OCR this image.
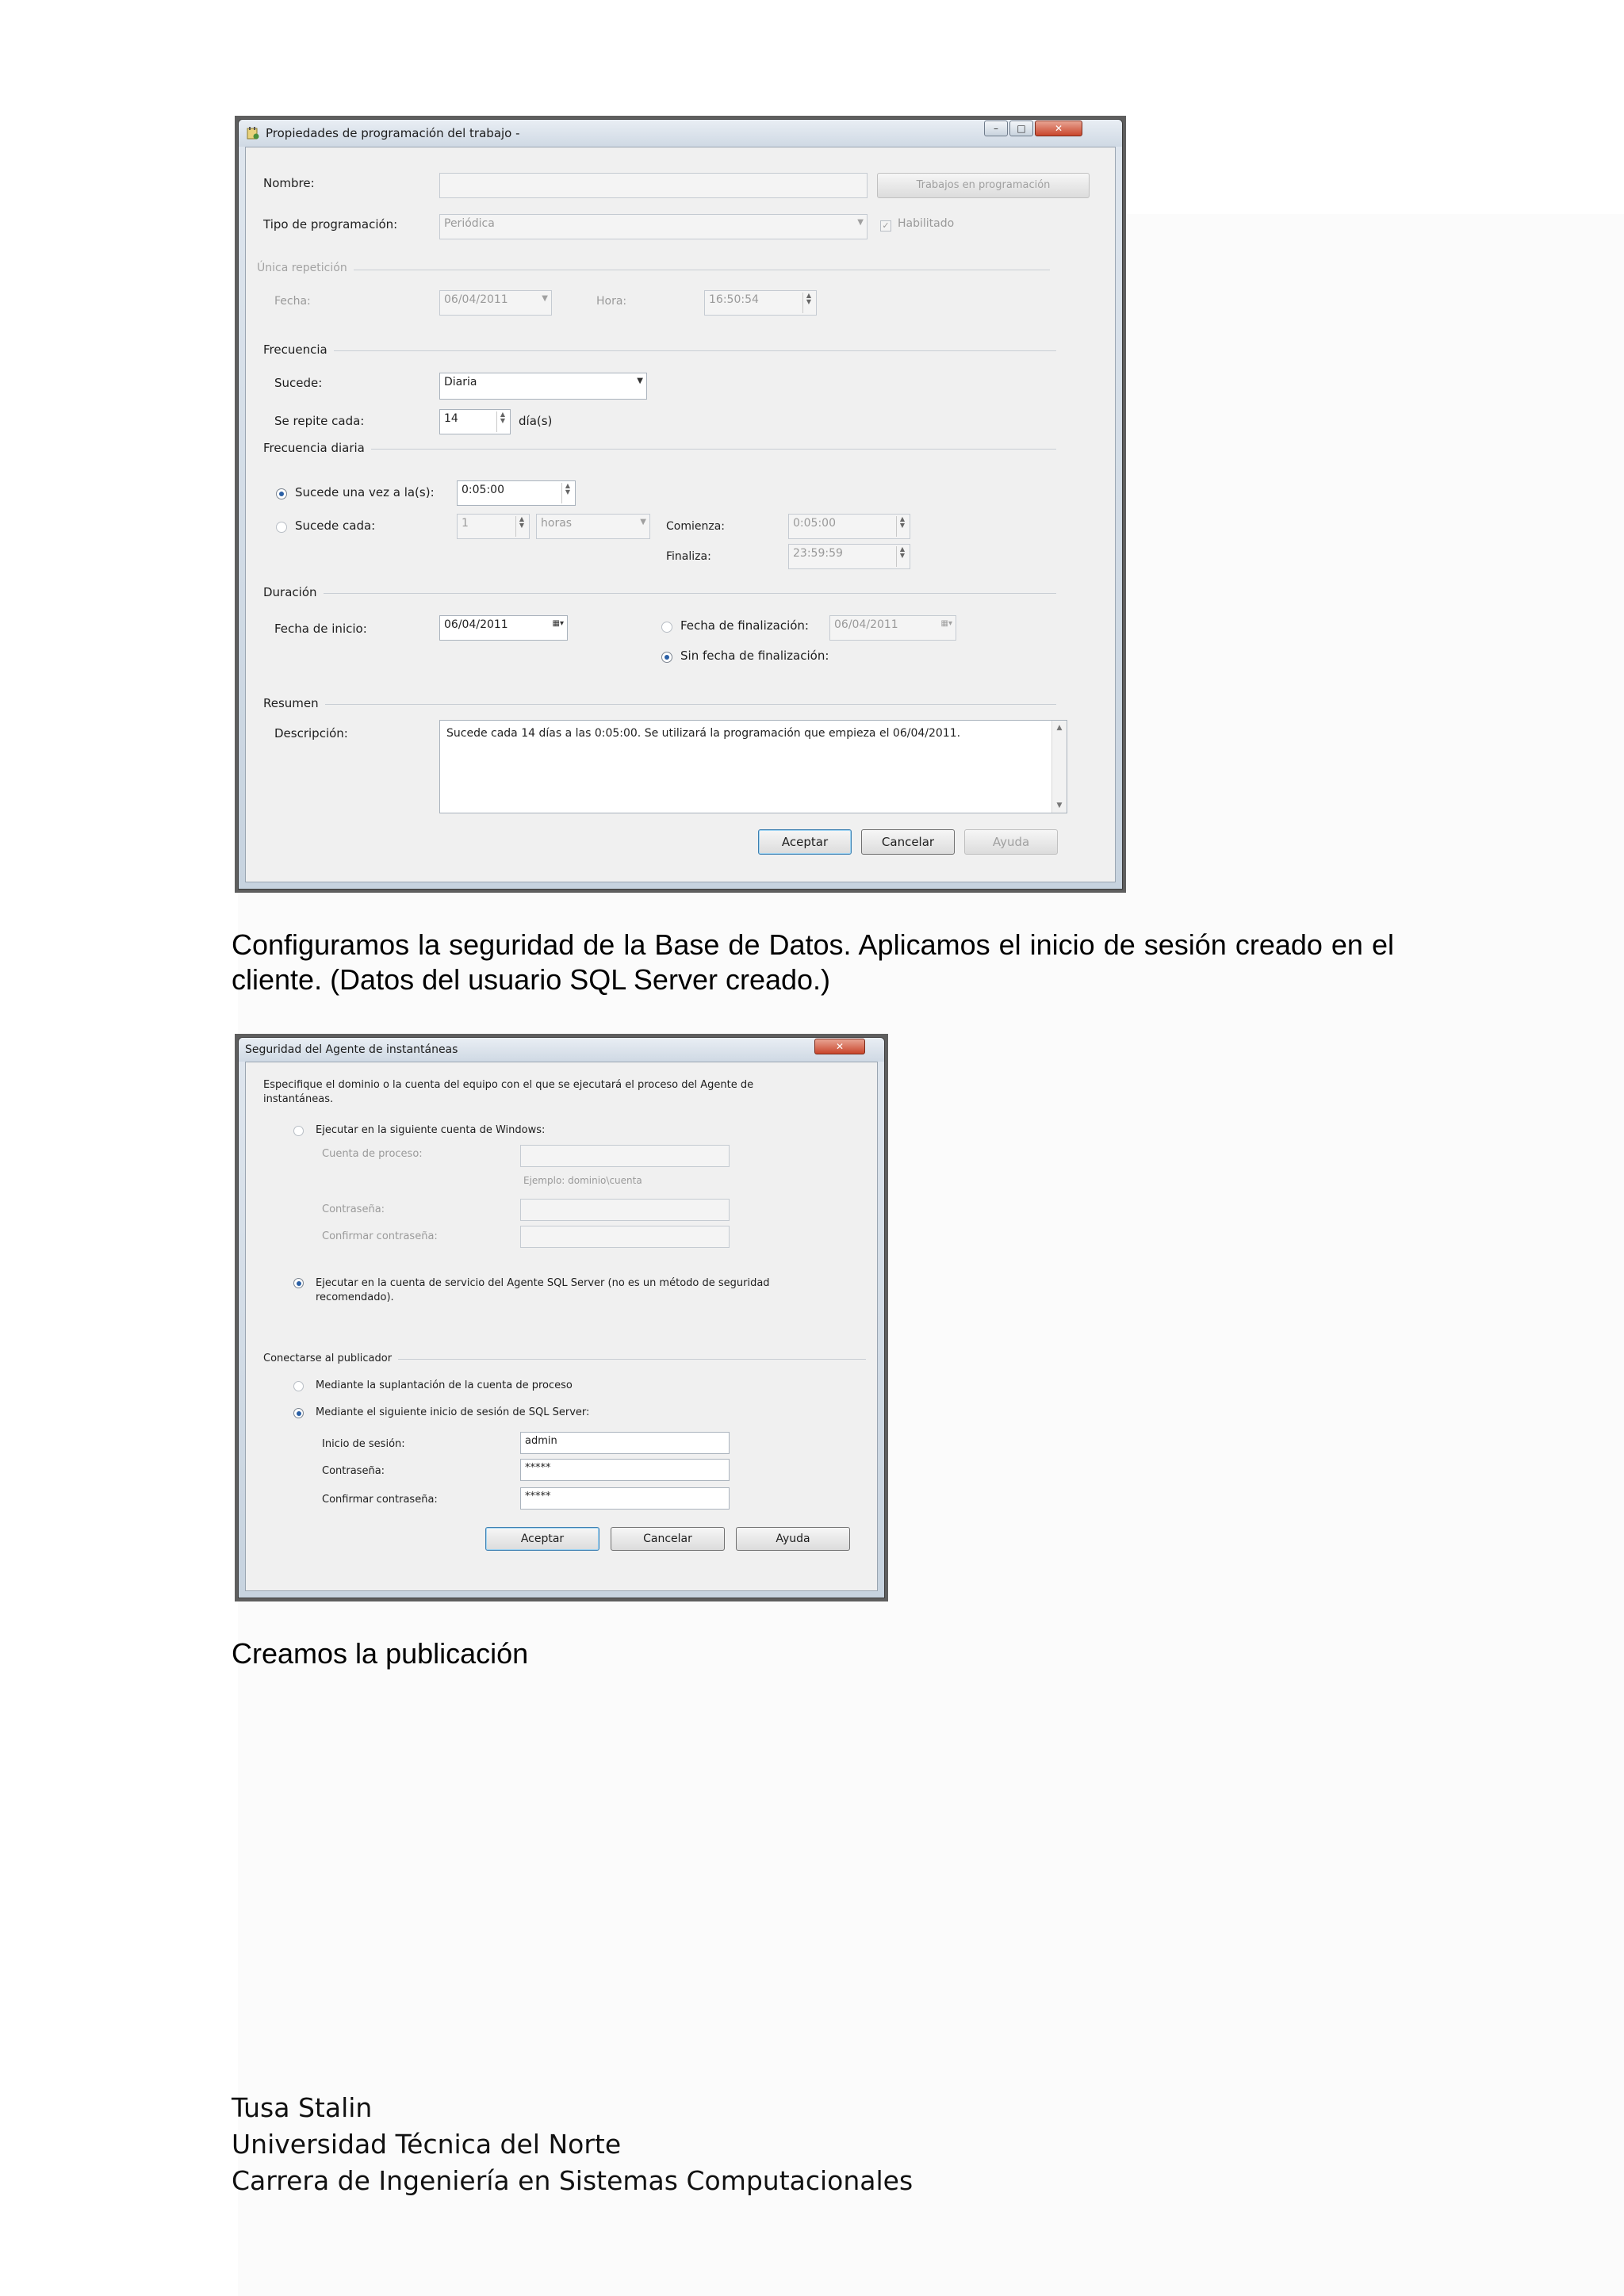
Propiedades de programación del trabajo -	–	□	✕
Nombre:	Trabajos en programación
Tipo de programación:	Periódica	▼ ✓ Habilitado
Única repetición
Fecha:	06/04/2011	▼	Hora:	16:50:54	▲
▼
Frecuencia
Sucede:	Diaria	▼
Se repite cada:	14	▲
▼ día(s)
Frecuencia diaria
Sucede una vez a la(s):	0:05:00	▲
▼
Sucede cada:	1	▲
▼	horas	▼ Comienza:	0:05:00	▲
▼
Finaliza:	23:59:59	▲
▼
Duración
Fecha de inicio:	06/04/2011	▦▾	Fecha de finalización:	06/04/2011	▦▾
Sin fecha de finalización:
Resumen
Descripción:	Sucede cada 14 días a las 0:05:00. Se utilizará la programación que empieza el 06/04/2011.	▲
▼
Aceptar	Cancelar	Ayuda
Configuramos la seguridad de la Base de Datos. Aplicamos el inicio de sesión creado en el cliente. (Datos del usuario SQL Server creado.)
Seguridad del Agente de instantáneas	✕
Especifique el dominio o la cuenta del equipo con el que se ejecutará el proceso del Agente de instantáneas.
Ejecutar en la siguiente cuenta de Windows:
Cuenta de proceso:
Ejemplo: dominio\cuenta
Contraseña:
Confirmar contraseña:
Ejecutar en la cuenta de servicio del Agente SQL Server (no es un método de seguridad recomendado).
Conectarse al publicador
Mediante la suplantación de la cuenta de proceso
Mediante el siguiente inicio de sesión de SQL Server:
Inicio de sesión:	admin
Contraseña:	*****
Confirmar contraseña:	*****
Aceptar	Cancelar	Ayuda
Creamos la publicación
Tusa Stalin
Universidad Técnica del Norte
Carrera de Ingeniería en Sistemas Computacionales
